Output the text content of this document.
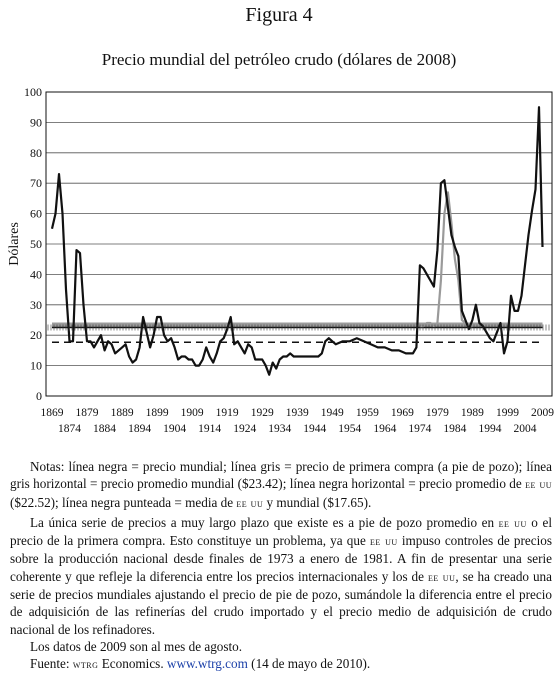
Figura 4
Precio mundial del petróleo crudo (dólares de 2008)
0
10
20
30
40
50
60
70
80
90
100
1869 1879 1889 1899 1909 1919 1929 1939 1949 1959 1969 1979 1989 1999 2009
1874 1884 1894 1904 1914 1924 1934 1944 1954 1964 1974 1984 1994 2004
Dólares

Notas: línea negra = precio mundial; línea gris = precio de primera compra (a pie de pozo); línea gris horizontal = precio promedio mundial ($23.42); línea negra horizontal = precio promedio de ee uu ($22.52); línea negra punteada = media de ee uu y mundial ($17.65).

La única serie de precios a muy largo plazo que existe es a pie de pozo promedio en ee uu o el precio de la primera compra. Esto constituye un problema, ya que ee uu impuso controles de precios sobre la producción nacional desde finales de 1973 a enero de 1981. A fin de presentar una serie coherente y que refleje la diferencia entre los precios internacionales y los de ee uu, se ha creado una serie de precios mundiales ajustando el precio de pie de pozo, sumándole la diferencia entre el precio de adquisición de las refinerías del crudo importado y el precio medio de adquisición de crudo nacional de los refinadores.

Los datos de 2009 son al mes de agosto.

Fuente: wtrg Economics. www.wtrg.com (14 de mayo de 2010).
